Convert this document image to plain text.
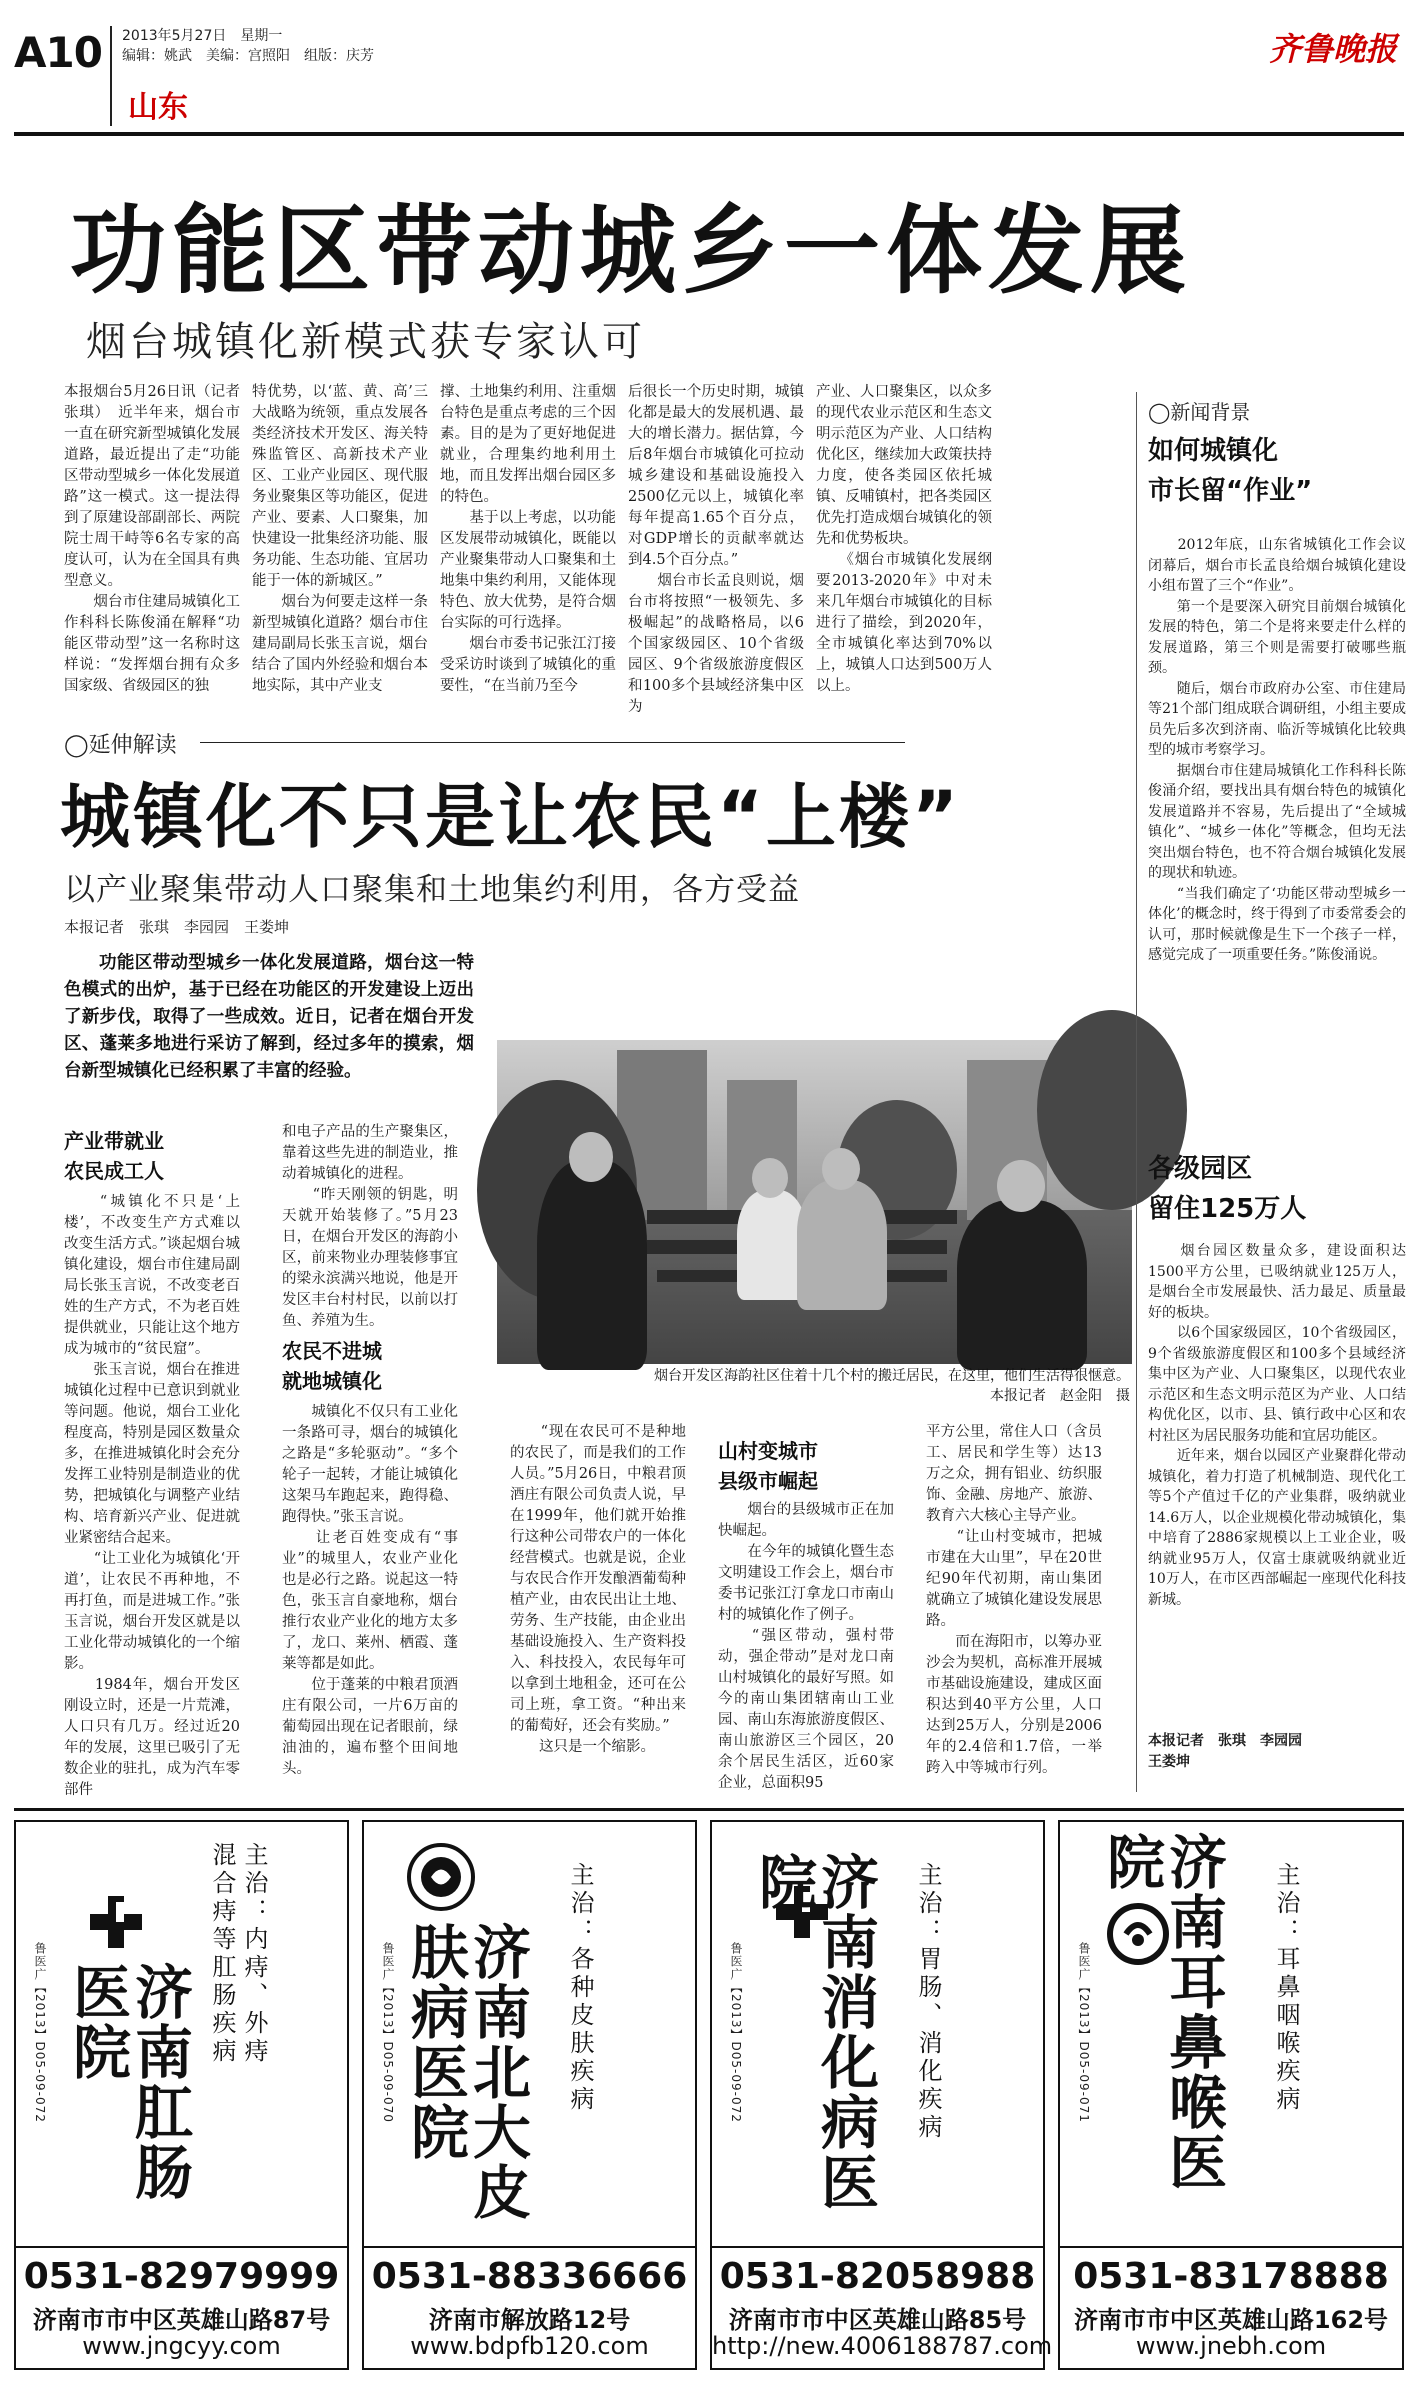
A10 2013年5月27日　星期一
编辑：姚武　美编：宫照阳　组版：庆芳
山东
齐鲁晚报
功能区带动城乡一体发展
烟台城镇化新模式获专家认可
本报烟台5月26日讯（记者　张琪）　近半年来，烟台市一直在研究新型城镇化发展道路，最近提出了走“功能区带动型城乡一体化发展道路”这一模式。这一提法得到了原建设部副部长、两院院士周干峙等6名专家的高度认可，认为在全国具有典型意义。
　　烟台市住建局城镇化工作科科长陈俊涌在解释“功能区带动型”这一名称时这样说：“发挥烟台拥有众多国家级、省级园区的独
特优势，以‘蓝、黄、高’三大战略为统领，重点发展各类经济技术开发区、海关特殊监管区、高新技术产业区、工业产业园区、现代服务业聚集区等功能区，促进产业、要素、人口聚集，加快建设一批集经济功能、服务功能、生态功能、宜居功能于一体的新城区。”
　　烟台为何要走这样一条新型城镇化道路？烟台市住建局副局长张玉言说，烟台结合了国内外经验和烟台本地实际，其中产业支
撑、土地集约利用、注重烟台特色是重点考虑的三个因素。目的是为了更好地促进就业，合理集约地利用土地，而且发挥出烟台园区多的特色。
　　基于以上考虑，以功能区发展带动城镇化，既能以产业聚集带动人口聚集和土地集中集约利用，又能体现特色、放大优势，是符合烟台实际的可行选择。
　　烟台市委书记张江汀接受采访时谈到了城镇化的重要性，“在当前乃至今
后很长一个历史时期，城镇化都是最大的发展机遇、最大的增长潜力。据估算，今后8年烟台市城镇化可拉动城乡建设和基础设施投入2500亿元以上，城镇化率每年提高1.65个百分点，对GDP增长的贡献率就达到4.5个百分点。”
　　烟台市长孟良则说，烟台市将按照“一极领先、多极崛起”的战略格局，以6个国家级园区、10个省级园区、9个省级旅游度假区和100多个县域经济集中区为
产业、人口聚集区，以众多的现代农业示范区和生态文明示范区为产业、人口结构优化区，继续加大政策扶持力度，使各类园区依托城镇、反哺镇村，把各类园区优先打造成烟台城镇化的领先和优势板块。
　　《烟台市城镇化发展纲要2013-2020年》中对未来几年烟台市城镇化的目标进行了描绘，到2020年，全市城镇化率达到70%以上，城镇人口达到500万人以上。
◯延伸解读
城镇化不只是让农民“上楼”
以产业聚集带动人口聚集和土地集约利用，各方受益
本报记者　张琪　李园园　王娄坤
功能区带动型城乡一体化发展道路，烟台这一特色模式的出炉，基于已经在功能区的开发建设上迈出了新步伐，取得了一些成效。近日，记者在烟台开发区、蓬莱多地进行采访了解到，经过多年的摸索，烟台新型城镇化已经积累了丰富的经验。
烟台开发区海韵社区住着十几个村的搬迁居民，在这里，他们生活得很惬意。
本报记者　赵金阳　摄
产业带就业
农民成工人
　　“城镇化不只是‘上楼’，不改变生产方式难以改变生活方式。”谈起烟台城镇化建设，烟台市住建局副局长张玉言说，不改变老百姓的生产方式，不为老百姓提供就业，只能让这个地方成为城市的“贫民窟”。
　　张玉言说，烟台在推进城镇化过程中已意识到就业等问题。他说，烟台工业化程度高，特别是园区数量众多，在推进城镇化时会充分发挥工业特别是制造业的优势，把城镇化与调整产业结构、培育新兴产业、促进就业紧密结合起来。
　　“让工业化为城镇化‘开道’，让农民不再种地，不再打鱼，而是进城工作。”张玉言说，烟台开发区就是以工业化带动城镇化的一个缩影。
　　1984年，烟台开发区刚设立时，还是一片荒滩，人口只有几万。经过近20年的发展，这里已吸引了无数企业的驻扎，成为汽车零部件
和电子产品的生产聚集区，靠着这些先进的制造业，推动着城镇化的进程。
　　“昨天刚领的钥匙，明天就开始装修了。”5月23日，在烟台开发区的海韵小区，前来物业办理装修事宜的梁永滨满兴地说，他是开发区丰台村村民，以前以打鱼、养殖为生。
农民不进城
就地城镇化
　　城镇化不仅只有工业化一条路可寻，烟台的城镇化之路是“多轮驱动”。“多个轮子一起转，才能让城镇化这架马车跑起来，跑得稳、跑得快。”张玉言说。
　　让老百姓变成有“事业”的城里人，农业产业化也是必行之路。说起这一特色，张玉言自豪地称，烟台推行农业产业化的地方太多了，龙口、莱州、栖霞、蓬莱等都是如此。
　　位于蓬莱的中粮君顶酒庄有限公司，一片6万亩的葡萄园出现在记者眼前，绿油油的，遍布整个田间地头。
　　“现在农民可不是种地的农民了，而是我们的工作人员。”5月26日，中粮君顶酒庄有限公司负责人说，早在1999年，他们就开始推行这种公司带农户的一体化经营模式。也就是说，企业与农民合作开发酿酒葡萄种植产业，由农民出让土地、劳务、生产技能，由企业出基础设施投入、生产资料投入、科技投入，农民每年可以拿到土地租金，还可在公司上班，拿工资。“种出来的葡萄好，还会有奖励。”
　　这只是一个缩影。
山村变城市
县级市崛起
　　烟台的县级城市正在加快崛起。
　　在今年的城镇化暨生态文明建设工作会上，烟台市委书记张江汀拿龙口市南山村的城镇化作了例子。
　　“强区带动，强村带动，强企带动”是对龙口南山村城镇化的最好写照。如今的南山集团辖南山工业园、南山东海旅游度假区、南山旅游区三个园区，20余个居民生活区，近60家企业，总面积95
平方公里，常住人口（含员工、居民和学生等）达13万之众，拥有铝业、纺织服饰、金融、房地产、旅游、教育六大核心主导产业。
　　“让山村变城市，把城市建在大山里”，早在20世纪90年代初期，南山集团就确立了城镇化建设发展思路。
　　而在海阳市，以筹办亚沙会为契机，高标准开展城市基础设施建设，建成区面积达到40平方公里，人口达到25万人，分别是2006年的2.4倍和1.7倍，一举跨入中等城市行列。
◯新闻背景
如何城镇化
市长留“作业”
　　2012年底，山东省城镇化工作会议闭幕后，烟台市长孟良给烟台城镇化建设小组布置了三个“作业”。
　　第一个是要深入研究目前烟台城镇化发展的特色，第二个是将来要走什么样的发展道路，第三个则是需要打破哪些瓶颈。
　　随后，烟台市政府办公室、市住建局等21个部门组成联合调研组，小组主要成员先后多次到济南、临沂等城镇化比较典型的城市考察学习。
　　据烟台市住建局城镇化工作科科长陈俊涌介绍，要找出具有烟台特色的城镇化发展道路并不容易，先后提出了“全域城镇化”、“城乡一体化”等概念，但均无法突出烟台特色，也不符合烟台城镇化发展的现状和轨迹。
　　“当我们确定了‘功能区带动型城乡一体化’的概念时，终于得到了市委常委会的认可，那时候就像是生下一个孩子一样，感觉完成了一项重要任务。”陈俊涌说。
各级园区
留住125万人
　　烟台园区数量众多，建设面积达1500平方公里，已吸纳就业125万人，是烟台全市发展最快、活力最足、质量最好的板块。
　　以6个国家级园区，10个省级园区，9个省级旅游度假区和100多个县域经济集中区为产业、人口聚集区，以现代农业示范区和生态文明示范区为产业、人口结构优化区，以市、县、镇行政中心区和农村社区为居民服务功能和宜居功能区。
　　近年来，烟台以园区产业聚群化带动城镇化，着力打造了机械制造、现代化工等5个产值过千亿的产业集群，吸纳就业14.6万人，以企业规模化带动城镇化，集中培育了2886家规模以上工业企业，吸纳就业95万人，仅富士康就吸纳就业近10万人，在市区西部崛起一座现代化科技新城。
本报记者　张琪　李园园
王娄坤
鲁医广【2013】D05-09-072	济南肛肠医院
主治：内痔、外痔
混合痔等肛肠疾病
0531-82979999
济南市市中区英雄山路87号
www.jngcyy.com
鲁医广【2013】D05-09-070	济南北大皮肤病医院
主治：各种皮肤疾病
0531-88336666
济南市解放路12号
www.bdpfb120.com
鲁医广【2013】D05-09-072	济南消化病医院	主治：胃肠、消化疾病
0531-82058988
济南市市中区英雄山路85号
http://new.4006188787.com
鲁医广【2013】D05-09-071	济南耳鼻喉医院	主治：耳鼻咽喉疾病
0531-83178888
济南市市中区英雄山路162号
www.jnebh.com
